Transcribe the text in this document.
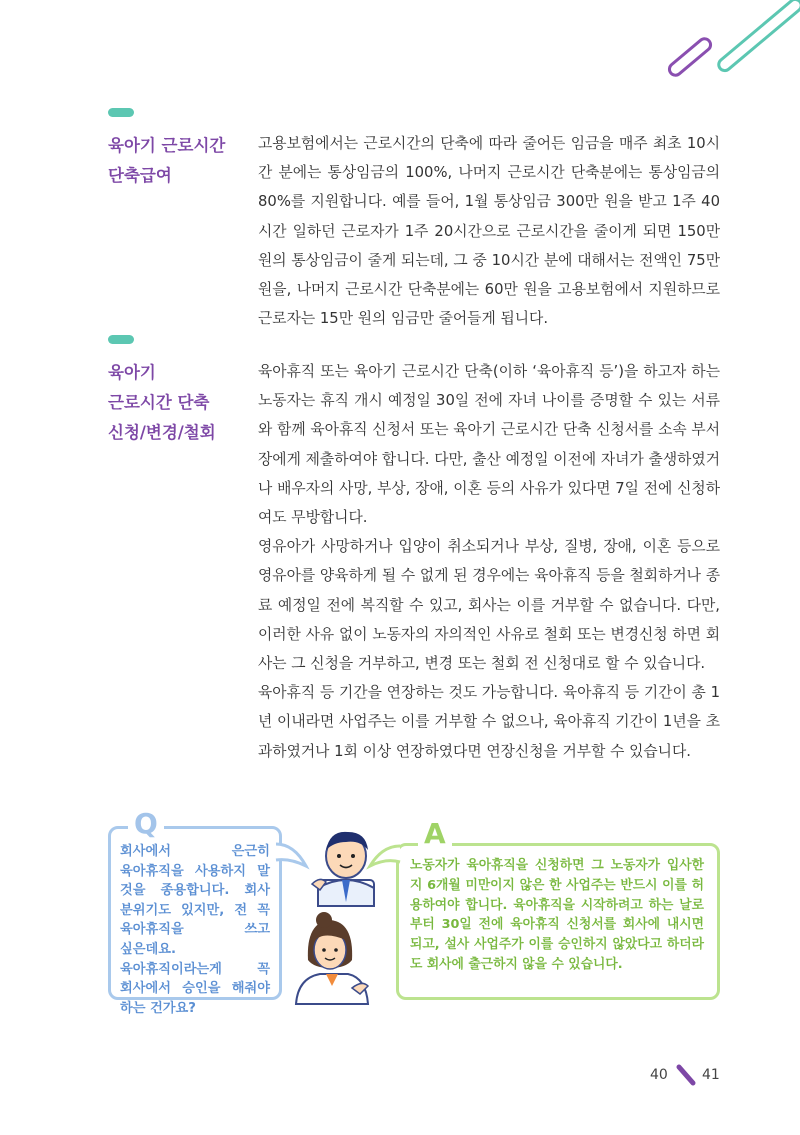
육아기 근로시간
단축급여

고용보험에서는 근로시간의 단축에 따라 줄어든 임금을 매주 최초 10시간 분에는 통상임금의 100%, 나머지 근로시간 단축분에는 통상임금의 80%를 지원합니다. 예를 들어, 1월 통상임금 300만 원을 받고 1주 40시간 일하던 근로자가 1주 20시간으로 근로시간을 줄이게 되면 150만 원의 통상임금이 줄게 되는데, 그 중 10시간 분에 대해서는 전액인 75만 원을, 나머지 근로시간 단축분에는 60만 원을 고용보험에서 지원하므로 근로자는 15만 원의 임금만 줄어들게 됩니다.

육아기
근로시간 단축
신청/변경/철회

육아휴직 또는 육아기 근로시간 단축(이하 ‘육아휴직 등’)을 하고자 하는 노동자는 휴직 개시 예정일 30일 전에 자녀 나이를 증명할 수 있는 서류와 함께 육아휴직 신청서 또는 육아기 근로시간 단축 신청서를 소속 부서장에게 제출하여야 합니다. 다만, 출산 예정일 이전에 자녀가 출생하였거나 배우자의 사망, 부상, 장애, 이혼 등의 사유가 있다면 7일 전에 신청하여도 무방합니다.

영유아가 사망하거나 입양이 취소되거나 부상, 질병, 장애, 이혼 등으로 영유아를 양육하게 될 수 없게 된 경우에는 육아휴직 등을 철회하거나 종료 예정일 전에 복직할 수 있고, 회사는 이를 거부할 수 없습니다. 다만, 이러한 사유 없이 노동자의 자의적인 사유로 철회 또는 변경신청 하면 회사는 그 신청을 거부하고, 변경 또는 철회 전 신청대로 할 수 있습니다.

육아휴직 등 기간을 연장하는 것도 가능합니다. 육아휴직 등 기간이 총 1년 이내라면 사업주는 이를 거부할 수 없으나, 육아휴직 기간이 1년을 초과하였거나 1회 이상 연장하였다면 연장신청을 거부할 수 있습니다.

Q
회사에서 은근히 육아휴직을 사용하지 말 것을 종용합니다. 회사 분위기도 있지만, 전 꼭 육아휴직을 쓰고 싶은데요. 육아휴직이라는게 꼭 회사에서 승인을 해줘야 하는 건가요?
A
노동자가 육아휴직을 신청하면 그 노동자가 입사한지 6개월 미만이지 않은 한 사업주는 반드시 이를 허용하여야 합니다. 육아휴직을 시작하려고 하는 날로부터 30일 전에 육아휴직 신청서를 회사에 내시면 되고, 설사 사업주가 이를 승인하지 않았다고 하더라도 회사에 출근하지 않을 수 있습니다.
40 41
